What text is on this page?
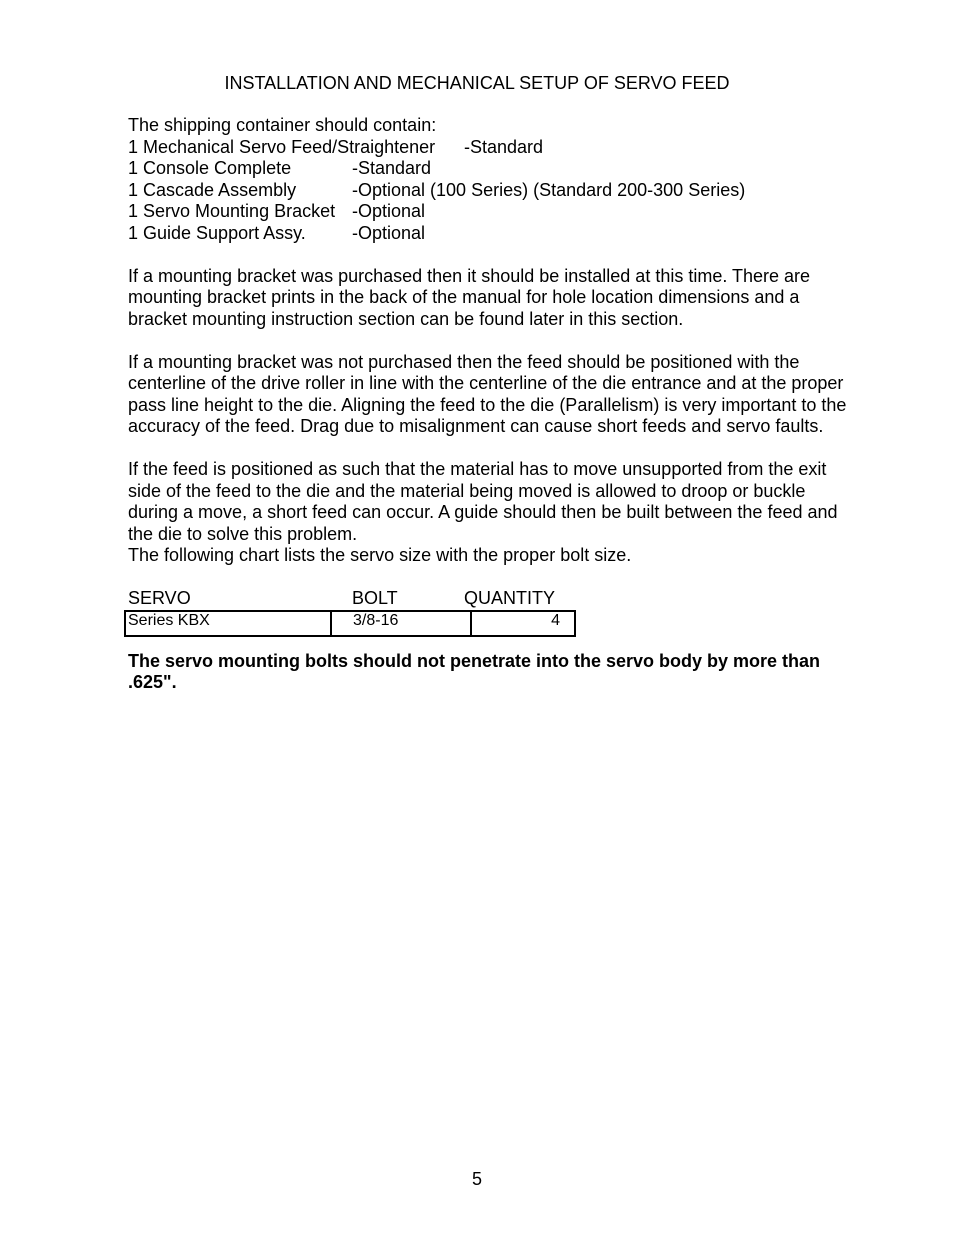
INSTALLATION AND MECHANICAL SETUP OF SERVO FEED
The shipping container should contain:
1 Mechanical Servo Feed/Straightener -Standard
1 Console Complete	-Standard
1 Cascade Assembly	-Optional (100 Series) (Standard 200-300 Series)
1 Servo Mounting Bracket -Optional
1 Guide Support Assy.	-Optional

If a mounting bracket was purchased then it should be installed at this time. There are mounting bracket prints in the back of the manual for hole location dimensions and a bracket mounting instruction section can be found later in this section.

If a mounting bracket was not purchased then the feed should be positioned with the centerline of the drive roller in line with the centerline of the die entrance and at the proper pass line height to the die. Aligning the feed to the die (Parallelism) is very important to the accuracy of the feed. Drag due to misalignment can cause short feeds and servo faults.

If the feed is positioned as such that the material has to move unsupported from the exit side of the feed to the die and the material being moved is allowed to droop or buckle during a move, a short feed can occur. A guide should then be built between the feed and the die to solve this problem.

The following chart lists the servo size with the proper bolt size.

SERVO	BOLT	QUANTITY
Series KBX	3/8-16	4
The servo mounting bolts should not penetrate into the servo body by more than .625".
5
